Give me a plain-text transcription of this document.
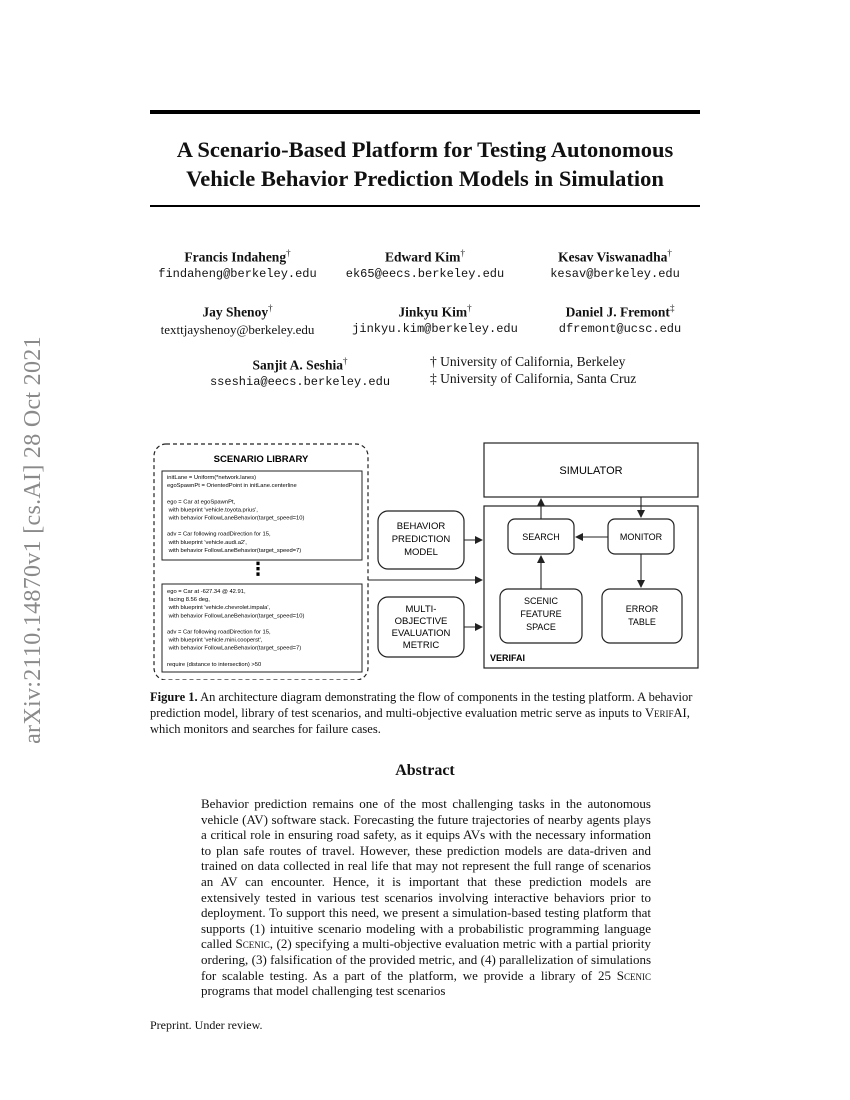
arXiv:2110.14870v1 [cs.AI] 28 Oct 2021
A Scenario-Based Platform for Testing Autonomous
Vehicle Behavior Prediction Models in Simulation
Francis Indaheng†
findaheng@berkeley.edu
Edward Kim†
ek65@eecs.berkeley.edu
Kesav Viswanadha†
kesav@berkeley.edu
Jay Shenoy†
texttjayshenoy@berkeley.edu
Jinkyu Kim†
jinkyu.kim@berkeley.edu
Daniel J. Fremont‡
dfremont@ucsc.edu
Sanjit A. Seshia†
sseshia@eecs.berkeley.edu
† University of California, Berkeley
‡ University of California, Santa Cruz
SCENARIO LIBRARY
initLane = Uniform(*network.lanes) egoSpawnPt = OrientedPoint in initLane.centerline ego = Car at egoSpawnPt, with blueprint 'vehicle.toyota.prius', with behavior FollowLaneBehavior(target_speed=10) adv = Car following roadDirection for 15, with blueprint 'vehicle.audi.a2', with behavior FollowLaneBehavior(target_speed=7)
⋮
ego = Car at -627.34 @ 42.91, facing 8.56 deg, with blueprint 'vehicle.chevrolet.impala', with behavior FollowLaneBehavior(target_speed=10) adv = Car following roadDirection for 15, with blueprint 'vehicle.mini.cooperst', with behavior FollowLaneBehavior(target_speed=7) require (distance to intersection) >50
BEHAVIOR
PREDICTION
MODEL
MULTI-
OBJECTIVE
EVALUATION
METRIC
SIMULATOR
VERIFAI
SEARCH	MONITOR
SCENIC
FEATURE
SPACE
ERROR
TABLE
Figure 1. An architecture diagram demonstrating the flow of components in the testing platform. A behavior prediction model, library of test scenarios, and multi-objective evaluation metric serve as inputs to VerifAI, which monitors and searches for failure cases.
Abstract
Behavior prediction remains one of the most challenging tasks in the autonomous vehicle (AV) software stack. Forecasting the future trajectories of nearby agents plays a critical role in ensuring road safety, as it equips AVs with the necessary information to plan safe routes of travel. However, these prediction models are data-driven and trained on data collected in real life that may not represent the full range of scenarios an AV can encounter. Hence, it is important that these prediction models are extensively tested in various test scenarios involving interactive behaviors prior to deployment. To support this need, we present a simulation-based testing platform that supports (1) intuitive scenario modeling with a probabilistic programming language called Scenic, (2) specifying a multi-objective evaluation metric with a partial priority ordering, (3) falsification of the provided metric, and (4) parallelization of simulations for scalable testing. As a part of the platform, we provide a library of 25 Scenic programs that model challenging test scenarios
Preprint. Under review.
